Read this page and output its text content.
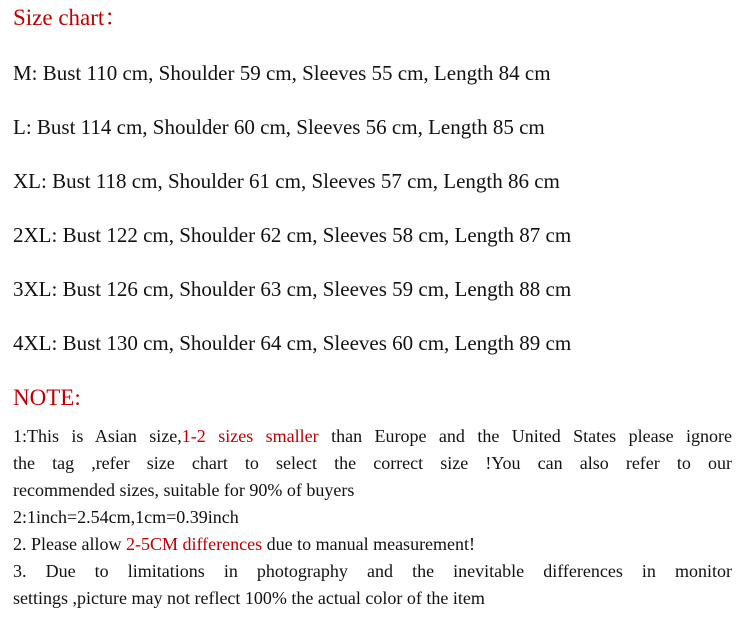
Size chart：
M: Bust 110 cm, Shoulder 59 cm, Sleeves 55 cm, Length 84 cm
L: Bust 114 cm, Shoulder 60 cm, Sleeves 56 cm, Length 85 cm
XL: Bust 118 cm, Shoulder 61 cm, Sleeves 57 cm, Length 86 cm
2XL: Bust 122 cm, Shoulder 62 cm, Sleeves 58 cm, Length 87 cm
3XL: Bust 126 cm, Shoulder 63 cm, Sleeves 59 cm, Length 88 cm
4XL: Bust 130 cm, Shoulder 64 cm, Sleeves 60 cm, Length 89 cm
NOTE:
1:This is Asian size,1-2 sizes smaller than Europe and the United States please ignore
the tag ,refer size chart to select the correct size !You can also refer to our
recommended sizes, suitable for 90% of buyers
2:1inch=2.54cm,1cm=0.39inch
2. Please allow 2-5CM differences due to manual measurement!
3. Due to limitations in photography and the inevitable differences in monitor
settings ,picture may not reflect 100% the actual color of the item
